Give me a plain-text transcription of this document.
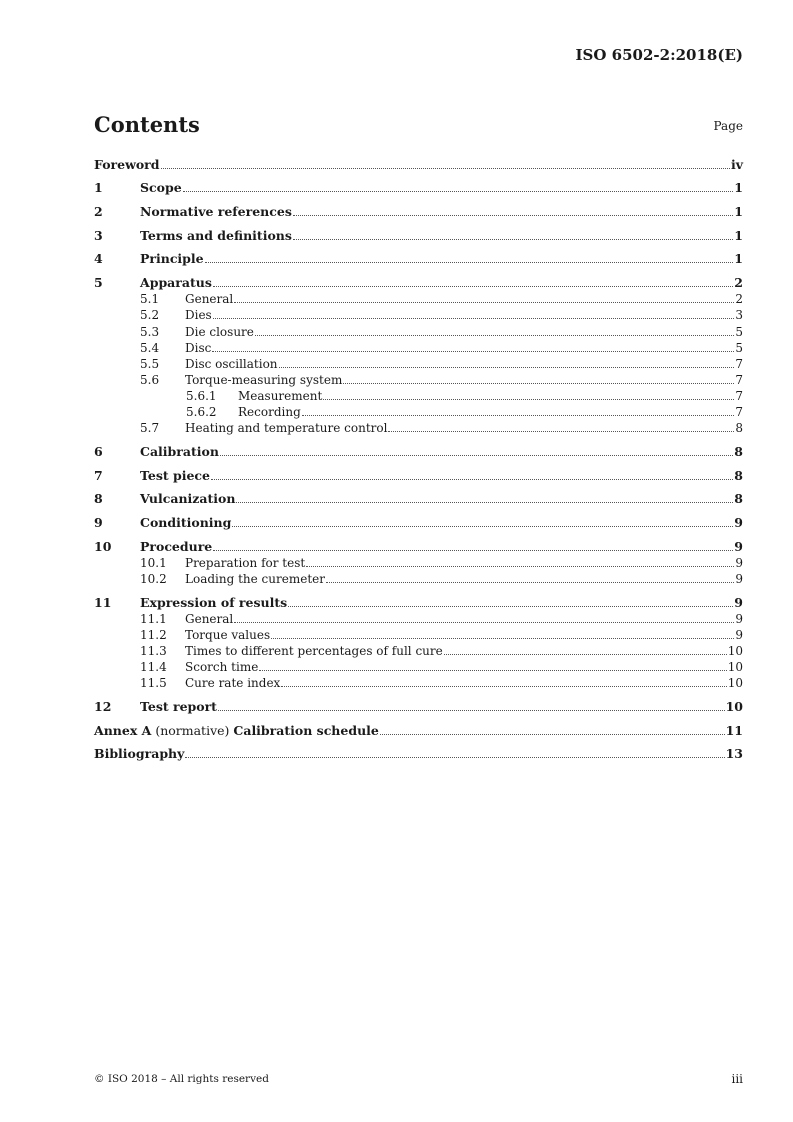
ISO 6502-2:2018(E)
Contents	Page
Foreword	iv
1	Scope	1
2	Normative references	1
3	Terms and definitions	1
4	Principle	1
5	Apparatus	2
5.1	General	2
5.2	Dies	3
5.3	Die closure	5
5.4	Disc	5
5.5	Disc oscillation	7
5.6	Torque-measuring system	7
5.6.1	Measurement	7
5.6.2	Recording	7
5.7	Heating and temperature control	8
6	Calibration	8
7	Test piece	8
8	Vulcanization	8
9	Conditioning	9
10	Procedure	9
10.1	Preparation for test	9
10.2	Loading the curemeter	9
11	Expression of results	9
11.1	General	9
11.2	Torque values	9
11.3	Times to different percentages of full cure	10
11.4	Scorch time	10
11.5	Cure rate index	10
12	Test report	10
Annex A (normative) Calibration schedule	11
Bibliography	13
© ISO 2018 – All rights reserved	iii
